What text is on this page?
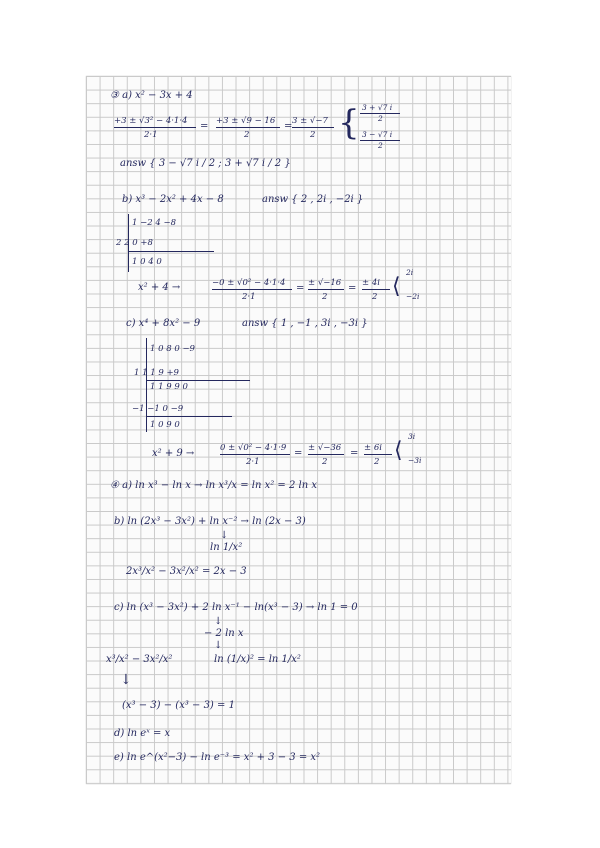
③ a) x² − 3x + 4
+3 ± √3² − 4·1·4
2·1
= +3 ± √9 − 16
2
= 3 ± √−7
2 { 3 + √7 i
2
3 − √7 i
2
answ { 3 − √7 i / 2 ; 3 + √7 i / 2 }
b) x³ − 2x² + 4x − 8	answ { 2 , 2i , −2i }
1 −2 4 −8
2 2 0 +8
1 0 4 0
x² + 4 →	−0 ± √0² − 4·1·4
2·1
= ± √−16
2
= ± 4i
2 ⟨
2i
−2i
c) x⁴ + 8x² − 9	answ { 1 , −1 , 3i , −3i }
1 0 8 0 −9
1 1 1 9 +9
1 1 9 9 0
−1 −1 0 −9
1 0 9 0
x² + 9 →	0 ± √0² − 4·1·9
2·1
= ± √−36
2
= ± 6i
2 ⟨
3i
−3i
④ a) ln x³ − ln x → ln x³/x = ln x² = 2 ln x
b) ln (2x³ − 3x²) + ln x⁻² → ln (2x − 3)
↓
ln 1/x²
2x³/x² − 3x²/x² = 2x − 3
c) ln (x³ − 3x²) + 2 ln x⁻¹ − ln(x³ − 3) → ln 1 = 0
↓
− 2 ln x
↓
x³/x² − 3x²/x²	ln (1/x)² = ln 1/x²
↓
(x³ − 3) − (x³ − 3) = 1
d) ln eˣ = x
e) ln e^(x²−3) − ln e⁻³ = x² + 3 − 3 = x²
